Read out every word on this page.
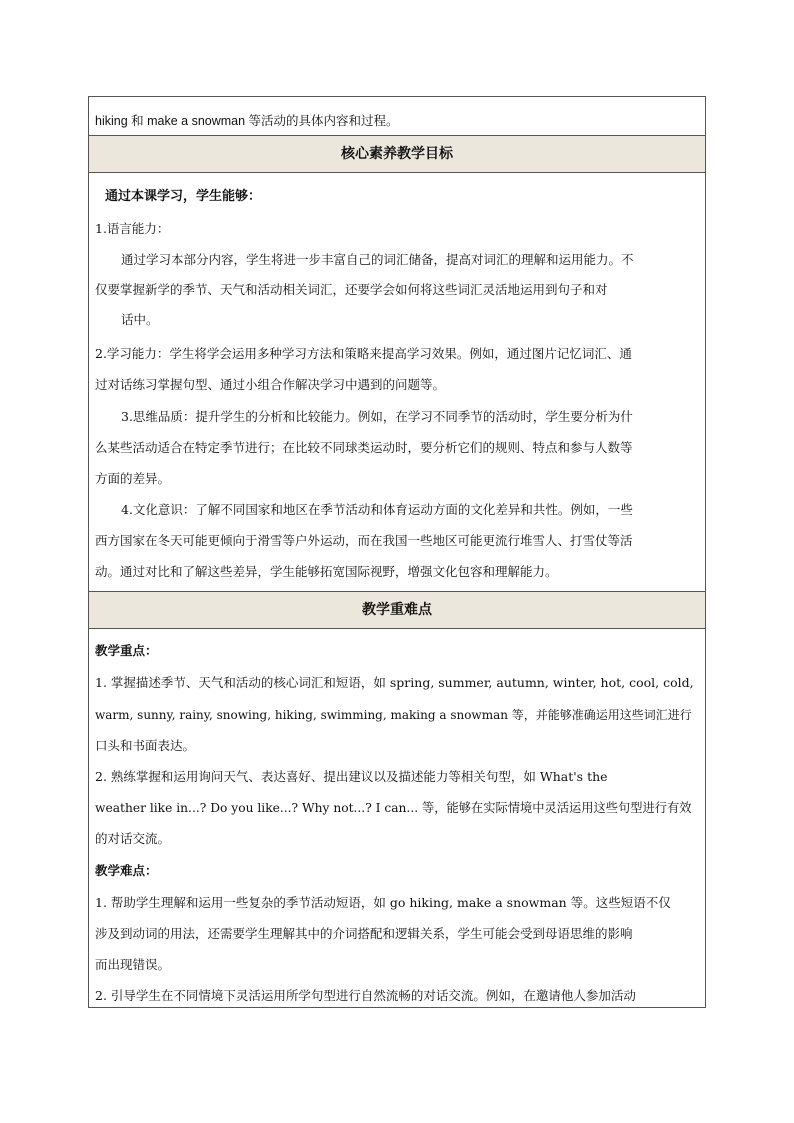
hiking 和 make a snowman 等活动的具体内容和过程。
核心素养教学目标
通过本课学习，学生能够：
1.语言能力：
通过学习本部分内容，学生将进一步丰富自己的词汇储备，提高对词汇的理解和运用能力。不
仅要掌握新学的季节、天气和活动相关词汇，还要学会如何将这些词汇灵活地运用到句子和对
话中。
2.学习能力：学生将学会运用多种学习方法和策略来提高学习效果。例如，通过图片记忆词汇、通
过对话练习掌握句型、通过小组合作解决学习中遇到的问题等。
3.思维品质：提升学生的分析和比较能力。例如，在学习不同季节的活动时，学生要分析为什
么某些活动适合在特定季节进行；在比较不同球类运动时，要分析它们的规则、特点和参与人数等
方面的差异。
4.文化意识：了解不同国家和地区在季节活动和体育运动方面的文化差异和共性。例如，一些
西方国家在冬天可能更倾向于滑雪等户外运动，而在我国一些地区可能更流行堆雪人、打雪仗等活
动。通过对比和了解这些差异，学生能够拓宽国际视野，增强文化包容和理解能力。
教学重难点
教学重点：
1. 掌握描述季节、天气和活动的核心词汇和短语，如 spring, summer, autumn, winter, hot, cool, cold,
warm, sunny, rainy, snowing, hiking, swimming, making a snowman 等，并能够准确运用这些词汇进行
口头和书面表达。
2. 熟练掌握和运用询问天气、表达喜好、提出建议以及描述能力等相关句型，如 What's the
weather like in...? Do you like...? Why not...? I can... 等，能够在实际情境中灵活运用这些句型进行有效
的对话交流。
教学难点：
1. 帮助学生理解和运用一些复杂的季节活动短语，如 go hiking, make a snowman 等。这些短语不仅
涉及到动词的用法，还需要学生理解其中的介词搭配和逻辑关系，学生可能会受到母语思维的影响
而出现错误。
2. 引导学生在不同情境下灵活运用所学句型进行自然流畅的对话交流。例如，在邀请他人参加活动
